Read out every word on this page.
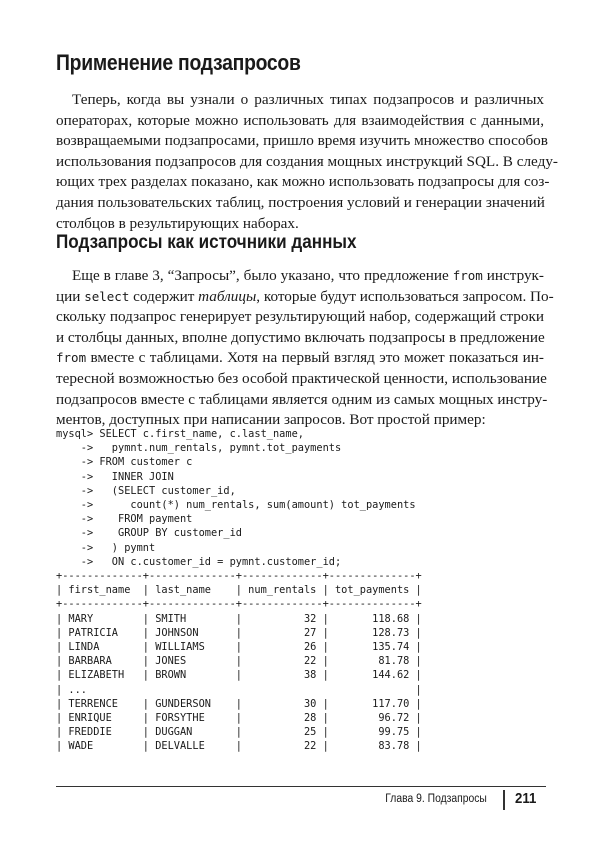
Применение подзапросов

Теперь, когда вы узнали о различных типах подзапросов и различных
операторах, которые можно использовать для взаимодействия с данными,
возвращаемыми подзапросами, пришло время изучить множество способов
использования подзапросов для создания мощных инструкций SQL. В следу-
ющих трех разделах показано, как можно использовать подзапросы для соз-
дания пользовательских таблиц, построения условий и генерации значений
столбцов в результирующих наборах.

Подзапросы как источники данных

Еще в главе 3, “Запросы”, было указано, что предложение from инструк-
ции select содержит таблицы, которые будут использоваться запросом. По-
скольку подзапрос генерирует результирующий набор, содержащий строки
и столбцы данных, вполне допустимо включать подзапросы в предложение
from вместе с таблицами. Хотя на первый взгляд это может показаться ин-
тересной возможностью без особой практической ценности, использование
подзапросов вместе с таблицами является одним из самых мощных инстру-
ментов, доступных при написании запросов. Вот простой пример:

mysql> SELECT c.first_name, c.last_name,
->   pymnt.num_rentals, pymnt.tot_payments
-> FROM customer c
->   INNER JOIN
->   (SELECT customer_id,
->      count(*) num_rentals, sum(amount) tot_payments
->    FROM payment
->    GROUP BY customer_id
->   ) pymnt
->   ON c.customer_id = pymnt.customer_id;
+-------------+--------------+-------------+--------------+
| first_name  | last_name    | num_rentals | tot_payments |
+-------------+--------------+-------------+--------------+
| MARY        | SMITH        |          32 |       118.68 |
| PATRICIA    | JOHNSON      |          27 |       128.73 |
| LINDA       | WILLIAMS     |          26 |       135.74 |
| BARBARA     | JONES        |          22 |        81.78 |
| ELIZABETH   | BROWN        |          38 |       144.62 |
| ...                                                     |
| TERRENCE    | GUNDERSON    |          30 |       117.70 |
| ENRIQUE     | FORSYTHE     |          28 |        96.72 |
| FREDDIE     | DUGGAN       |          25 |        99.75 |
| WADE        | DELVALLE     |          22 |        83.78 |
Глава 9. Подзапросы 211
